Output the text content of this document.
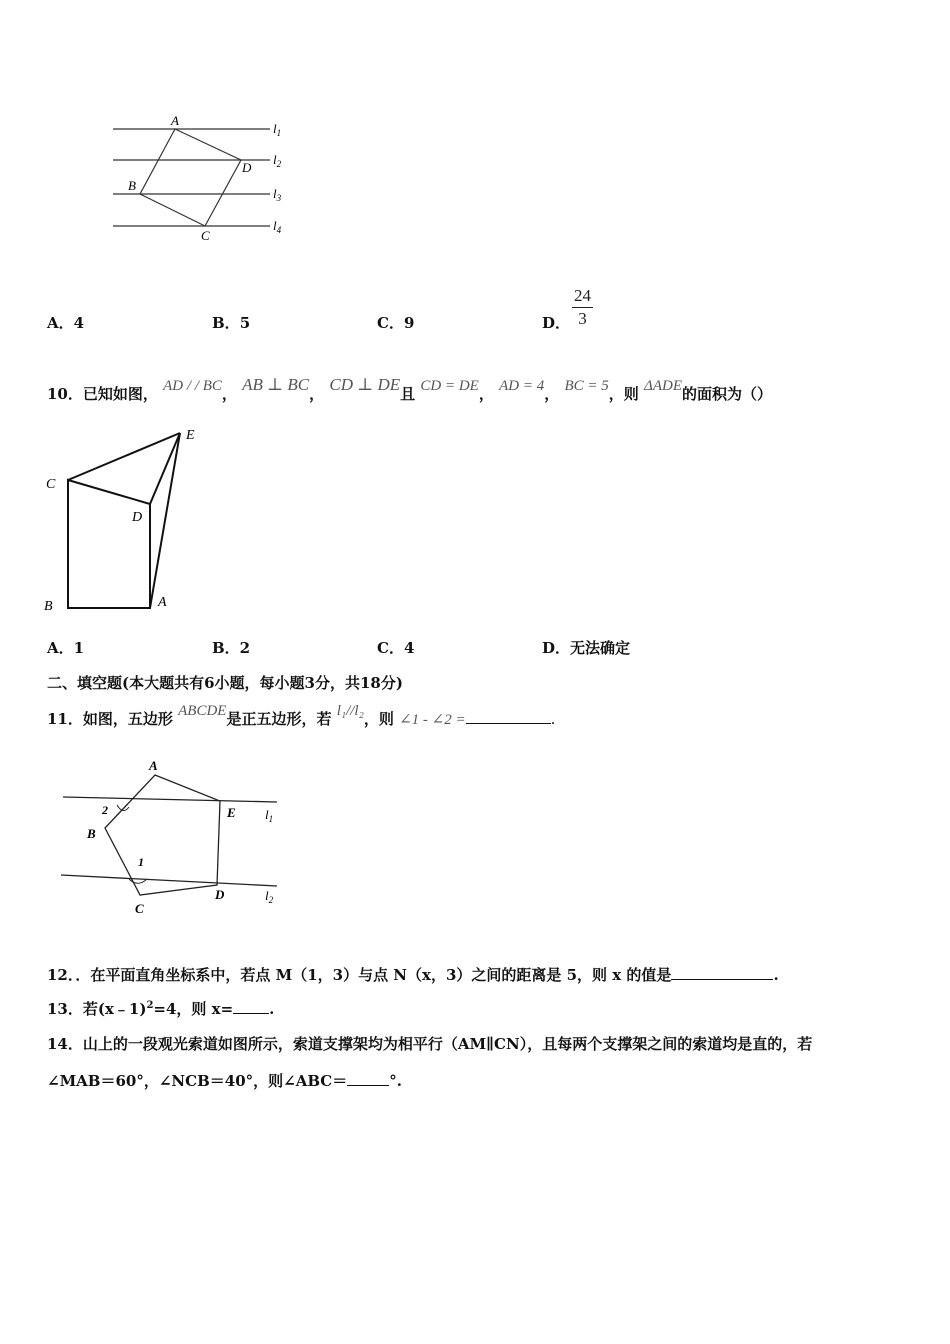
A
B
C
D
$l_1$
$l_2$
$l_3$
$l_4$
A．4	B．5	C．9	D． $\frac{24}{3}$
10．已知如图， AD / / BC， AB ⊥ BC， CD ⊥ DE且 CD = DE， AD = 4， BC = 5，则 ΔADE的面积为（）
A
B
C
D
E
A．1	B．2	C．4	D．无法确定
二、填空题(本大题共有6小题，每小题3分，共18分)
11．如图，五边形 ABCDE是正五边形，若 l₁//l₂，则 ∠1 - ∠2 =	.
A
B
C
D
E
1
2	$l_1$
$l_2$
12．．在平面直角坐标系中，若点 M（1，3）与点 N（x，3）之间的距离是 5，则 x 的值是	.
13．若(x﹣1)$^2$=4，则 x= .
14．山上的一段观光索道如图所示，索道支撑架均为相平行（AM∥CN），且每两个支撑架之间的索道均是直的，若
∠MAB＝60°，∠NCB＝40°，则∠ABC＝	°.
